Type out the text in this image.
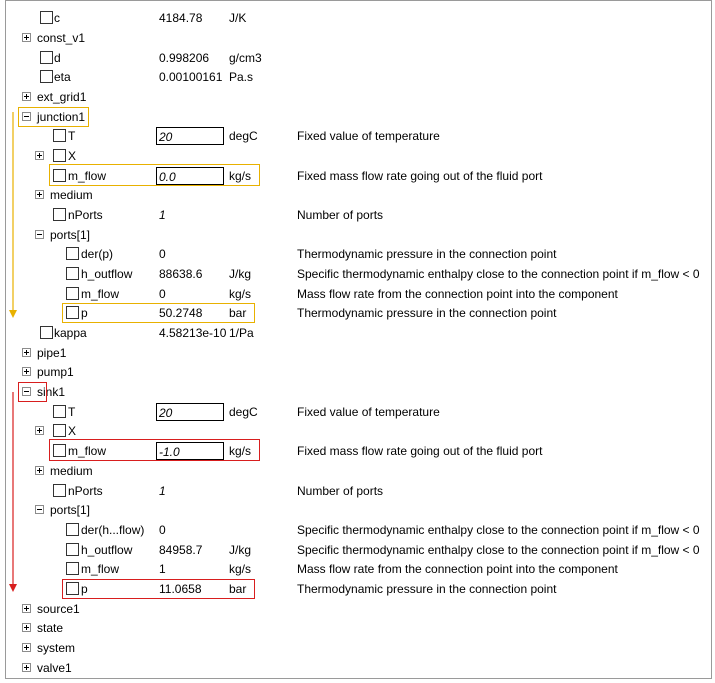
c	4184.78 J/K
const_v1
d	0.998206 g/cm3
eta	0.00100161 Pa.s
ext_grid1
junction1
T	20	degC	Fixed value of temperature
X
m_flow	0.0	kg/s	Fixed mass flow rate going out of the fluid port
medium
nPorts	1	Number of ports
ports[1]
der(p)	0	Thermodynamic pressure in the connection point
h_outflow 88638.6 J/kg	Specific thermodynamic enthalpy close to the connection point if m_flow < 0
m_flow	0	kg/s	Mass flow rate from the connection point into the component
p	50.2748 bar	Thermodynamic pressure in the connection point
kappa	4.58213e-10 1/Pa
pipe1
pump1
sink1
T	20	degC	Fixed value of temperature
X
m_flow	-1.0	kg/s	Fixed mass flow rate going out of the fluid port
medium
nPorts	1	Number of ports
ports[1]
der(h...flow) 0	Specific thermodynamic enthalpy close to the connection point if m_flow < 0
h_outflow 84958.7 J/kg	Specific thermodynamic enthalpy close to the connection point if m_flow < 0
m_flow	1	kg/s	Mass flow rate from the connection point into the component
p	11.0658 bar	Thermodynamic pressure in the connection point
source1
state
system
valve1
